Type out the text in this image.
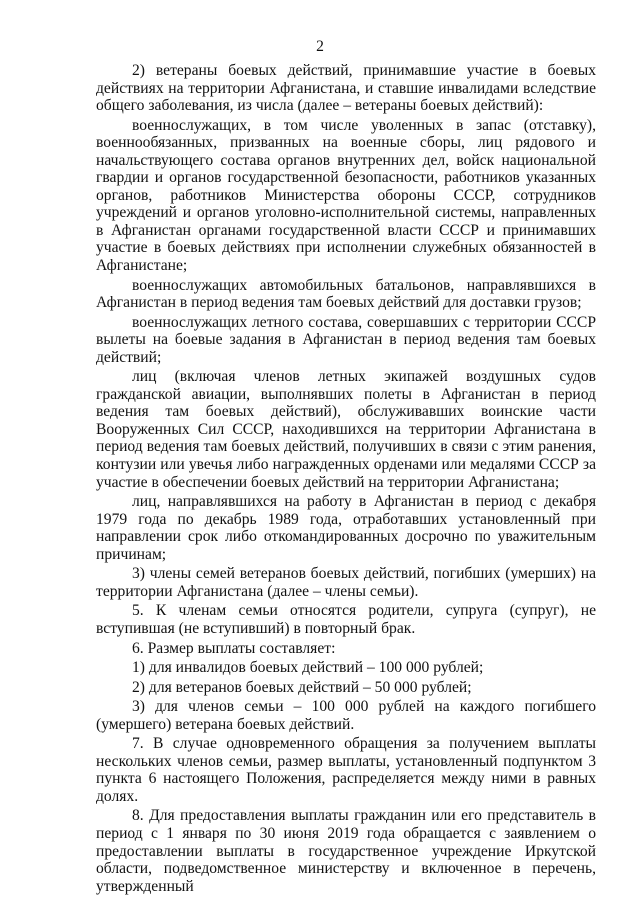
2

2) ветераны боевых действий, принимавшие участие в боевых действиях на территории Афганистана, и ставшие инвалидами вследствие общего заболевания, из числа (далее – ветераны боевых действий):

военнослужащих, в том числе уволенных в запас (отставку), военнообязанных, призванных на военные сборы, лиц рядового и начальствующего состава органов внутренних дел, войск национальной гвардии и органов государственной безопасности, работников указанных органов, работников Министерства обороны СССР, сотрудников учреждений и органов уголовно-исполнительной системы, направленных в Афганистан органами государственной власти СССР и принимавших участие в боевых действиях при исполнении служебных обязанностей в Афганистане;

военнослужащих автомобильных батальонов, направлявшихся в Афганистан в период ведения там боевых действий для доставки грузов;

военнослужащих летного состава, совершавших с территории СССР вылеты на боевые задания в Афганистан в период ведения там боевых действий;

лиц (включая членов летных экипажей воздушных судов гражданской авиации, выполнявших полеты в Афганистан в период ведения там боевых действий), обслуживавших воинские части Вооруженных Сил СССР, находившихся на территории Афганистана в период ведения там боевых действий, получивших в связи с этим ранения, контузии или увечья либо награжденных орденами или медалями СССР за участие в обеспечении боевых действий на территории Афганистана;

лиц, направлявшихся на работу в Афганистан в период с декабря 1979 года по декабрь 1989 года, отработавших установленный при направлении срок либо откомандированных досрочно по уважительным причинам;

3) члены семей ветеранов боевых действий, погибших (умерших) на территории Афганистана (далее – члены семьи).

5. К членам семьи относятся родители, супруга (супруг), не вступившая (не вступивший) в повторный брак.

6. Размер выплаты составляет:

1) для инвалидов боевых действий – 100 000 рублей;

2) для ветеранов боевых действий – 50 000 рублей;

3) для членов семьи – 100 000 рублей на каждого погибшего (умершего) ветерана боевых действий.

7. В случае одновременного обращения за получением выплаты нескольких членов семьи, размер выплаты, установленный подпунктом 3 пункта 6 настоящего Положения, распределяется между ними в равных долях.

8. Для предоставления выплаты гражданин или его представитель в период с 1 января по 30 июня 2019 года обращается с заявлением о предоставлении выплаты в государственное учреждение Иркутской области, подведомственное министерству и включенное в перечень, утвержденный
